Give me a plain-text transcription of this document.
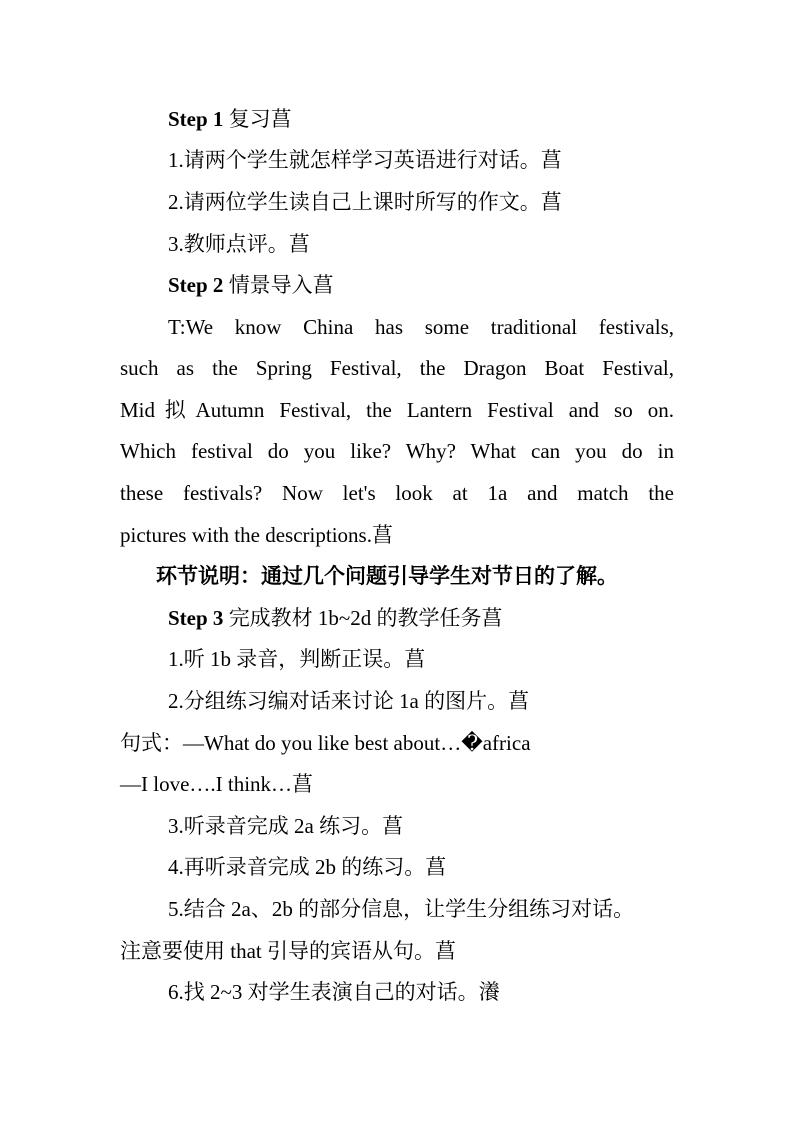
Step 1 复习菖
1.请两个学生就怎样学习英语进行对话。菖
2.请两位学生读自己上课时所写的作文。菖
3.教师点评。菖
Step 2 情景导入菖
T:We know China has some traditional festivals,
such as the Spring Festival, the Dragon Boat Festival,
Mid拟Autumn Festival, the Lantern Festival and so on.
Which festival do you like? Why? What can you do in
these festivals? Now let's look at 1a and match the
pictures with the descriptions.菖
环节说明：通过几个问题引导学生对节日的了解。
Step 3 完成教材 1b~2d 的教学任务菖
1.听 1b 录音，判断正误。菖
2.分组练习编对话来讨论 1a 的图片。菖
句式：—What do you like best about…�africa
—I love….I think…菖
3.听录音完成 2a 练习。菖
4.再听录音完成 2b 的练习。菖
5.结合 2a、2b 的部分信息，让学生分组练习对话。
注意要使用 that 引导的宾语从句。菖
6.找 2~3 对学生表演自己的对话。瀁
